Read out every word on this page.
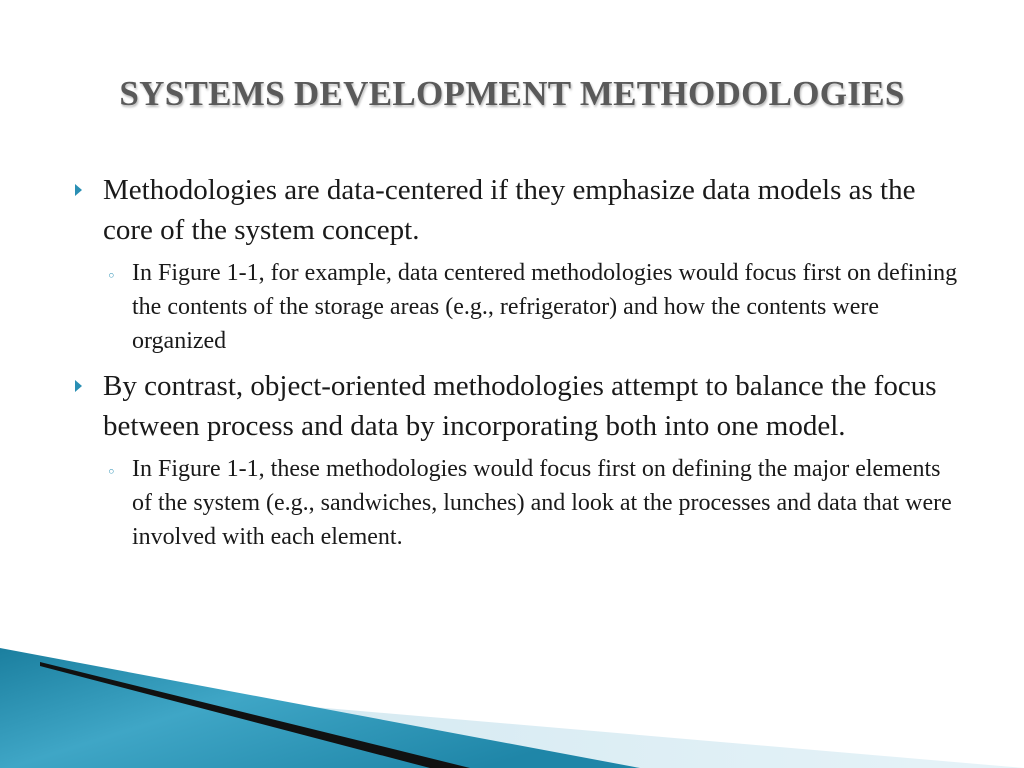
SYSTEMS DEVELOPMENT METHODOLOGIES
Methodologies are data-centered if they emphasize data models as the core of the system concept.
◦ In Figure 1-1, for example, data centered methodologies would focus first on defining the contents of the storage areas (e.g., refrigerator) and how the contents were organized
By contrast, object-oriented methodologies attempt to balance the focus between process and data by incorporating both into one model.
◦ In Figure 1-1, these methodologies would focus first on defining the major elements of the system (e.g., sandwiches, lunches) and look at the processes and data that were involved with each element.
